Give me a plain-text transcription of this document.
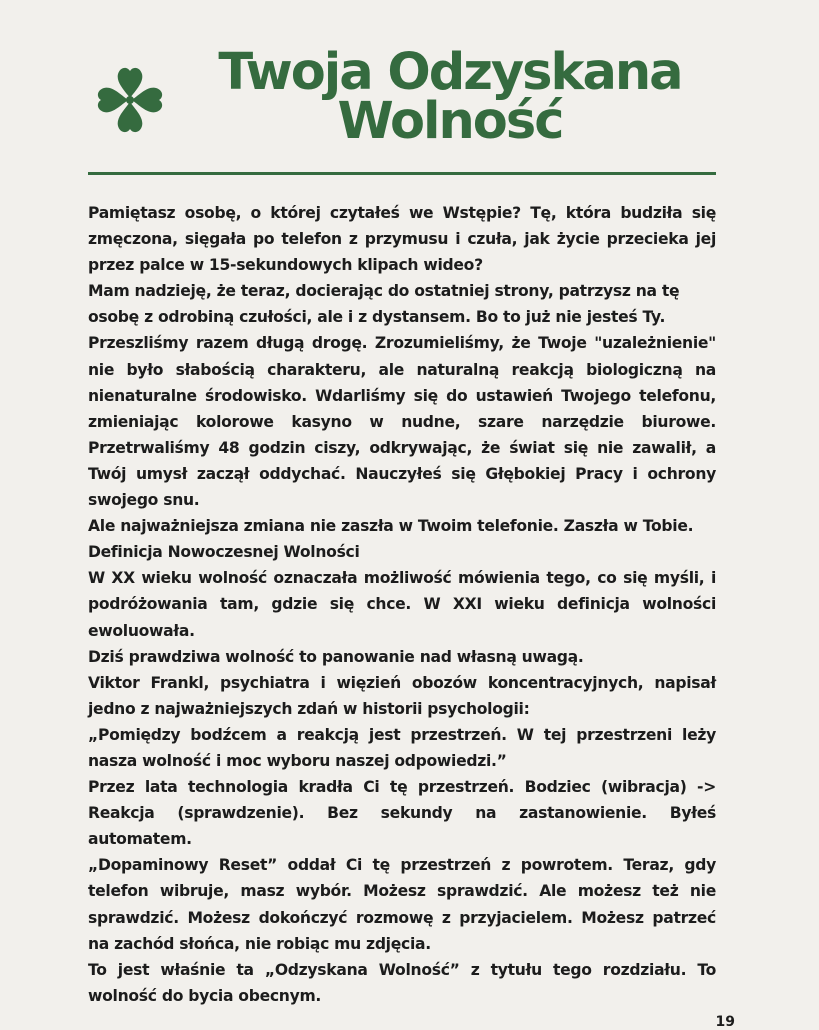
Twoja Odzyskana
Wolność

Pamiętasz osobę, o której czytałeś we Wstępie? Tę, która budziła się zmęczona, sięgała po telefon z przymusu i czuła, jak życie przecieka jej przez palce w 15-sekundowych klipach wideo?

Mam nadzieję, że teraz, docierając do ostatniej strony, patrzysz na tę osobę z odrobiną czułości, ale i z dystansem. Bo to już nie jesteś Ty.

Przeszliśmy razem długą drogę. Zrozumieliśmy, że Twoje "uzależnienie" nie było słabością charakteru, ale naturalną reakcją biologiczną na nienaturalne środowisko. Wdarliśmy się do ustawień Twojego telefonu, zmieniając kolorowe kasyno w nudne, szare narzędzie biurowe. Przetrwaliśmy 48 godzin ciszy, odkrywając, że świat się nie zawalił, a Twój umysł zaczął oddychać. Nauczyłeś się Głębokiej Pracy i ochrony swojego snu.

Ale najważniejsza zmiana nie zaszła w Twoim telefonie. Zaszła w Tobie.

Definicja Nowoczesnej Wolności

W XX wieku wolność oznaczała możliwość mówienia tego, co się myśli, i podróżowania tam, gdzie się chce. W XXI wieku definicja wolności ewoluowała.

Dziś prawdziwa wolność to panowanie nad własną uwagą.

Viktor Frankl, psychiatra i więzień obozów koncentracyjnych, napisał jedno z najważniejszych zdań w historii psychologii:

„Pomiędzy bodźcem a reakcją jest przestrzeń. W tej przestrzeni leży nasza wolność i moc wyboru naszej odpowiedzi.”

Przez lata technologia kradła Ci tę przestrzeń. Bodziec (wibracja) -> Reakcja (sprawdzenie). Bez sekundy na zastanowienie. Byłeś automatem.

„Dopaminowy Reset” oddał Ci tę przestrzeń z powrotem. Teraz, gdy telefon wibruje, masz wybór. Możesz sprawdzić. Ale możesz też nie sprawdzić. Możesz dokończyć rozmowę z przyjacielem. Możesz patrzeć na zachód słońca, nie robiąc mu zdjęcia.

To jest właśnie ta „Odzyskana Wolność” z tytułu tego rozdziału. To wolność do bycia obecnym.

19
